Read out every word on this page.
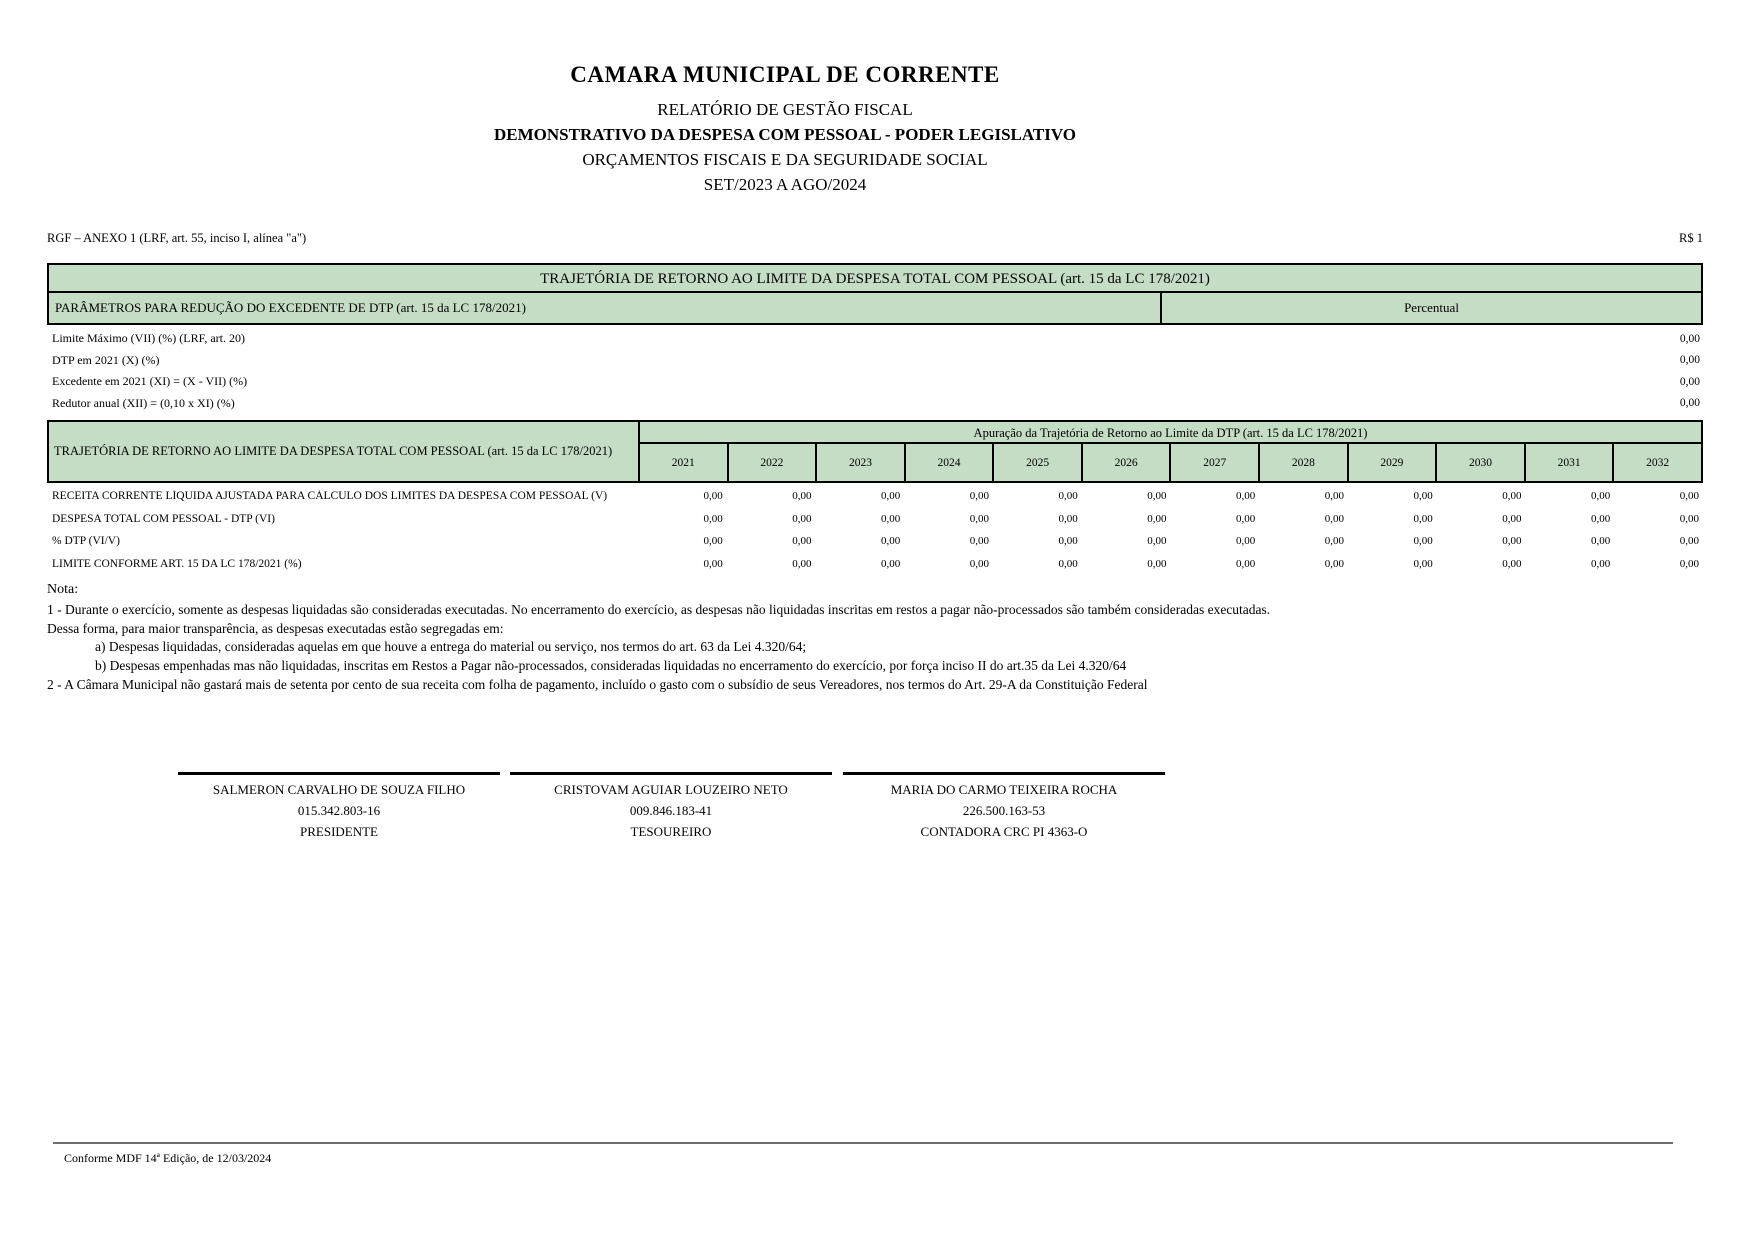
CAMARA MUNICIPAL DE CORRENTE
RELATÓRIO DE GESTÃO FISCAL
DEMONSTRATIVO DA DESPESA COM PESSOAL - PODER LEGISLATIVO
ORÇAMENTOS FISCAIS E DA SEGURIDADE SOCIAL
SET/2023 A AGO/2024
RGF – ANEXO 1 (LRF, art. 55, inciso I, alínea "a")	R$ 1
TRAJETÓRIA DE RETORNO AO LIMITE DA DESPESA TOTAL COM PESSOAL (art. 15 da LC 178/2021)
PARÂMETROS PARA REDUÇÃO DO EXCEDENTE DE DTP (art. 15 da LC 178/2021)	Percentual
Limite Máximo (VII) (%) (LRF, art. 20)	0,00
DTP em 2021 (X) (%)	0,00
Excedente em 2021 (XI) = (X - VII) (%)	0,00
Redutor anual (XII) = (0,10 x XI) (%)	0,00
TRAJETÓRIA DE RETORNO AO LIMITE DA DESPESA TOTAL COM PESSOAL (art. 15 da LC 178/2021)
Apuração da Trajetória de Retorno ao Limite da DTP (art. 15 da LC 178/2021)
2021	2022	2023	2024	2025	2026	2027	2028	2029	2030	2031	2032
RECEITA CORRENTE LÍQUIDA AJUSTADA PARA CÁLCULO DOS LIMITES DA DESPESA COM PESSOAL (V)	0,00	0,00	0,00	0,00	0,00	0,00	0,00	0,00	0,00	0,00	0,00	0,00
DESPESA TOTAL COM PESSOAL - DTP (VI)	0,00	0,00	0,00	0,00	0,00	0,00	0,00	0,00	0,00	0,00	0,00	0,00
% DTP (VI/V)	0,00	0,00	0,00	0,00	0,00	0,00	0,00	0,00	0,00	0,00	0,00	0,00
LIMITE CONFORME ART. 15 DA LC 178/2021 (%)	0,00	0,00	0,00	0,00	0,00	0,00	0,00	0,00	0,00	0,00	0,00	0,00
Nota:
1 - Durante o exercício, somente as despesas liquidadas são consideradas executadas. No encerramento do exercício, as despesas não liquidadas inscritas em restos a pagar não-processados são também consideradas executadas.
Dessa forma, para maior transparência, as despesas executadas estão segregadas em:
a) Despesas liquidadas, consideradas aquelas em que houve a entrega do material ou serviço, nos termos do art. 63 da Lei 4.320/64;
b) Despesas empenhadas mas não liquidadas, inscritas em Restos a Pagar não-processados, consideradas liquidadas no encerramento do exercício, por força inciso II do art.35 da Lei 4.320/64
2 - A Câmara Municipal não gastará mais de setenta por cento de sua receita com folha de pagamento, incluído o gasto com o subsídio de seus Vereadores, nos termos do Art. 29-A da Constituição Federal
SALMERON CARVALHO DE SOUZA FILHO
015.342.803-16
PRESIDENTE
CRISTOVAM AGUIAR LOUZEIRO NETO
009.846.183-41
TESOUREIRO
MARIA DO CARMO TEIXEIRA ROCHA
226.500.163-53
CONTADORA CRC PI 4363-O
Conforme MDF 14ª Edição, de 12/03/2024
